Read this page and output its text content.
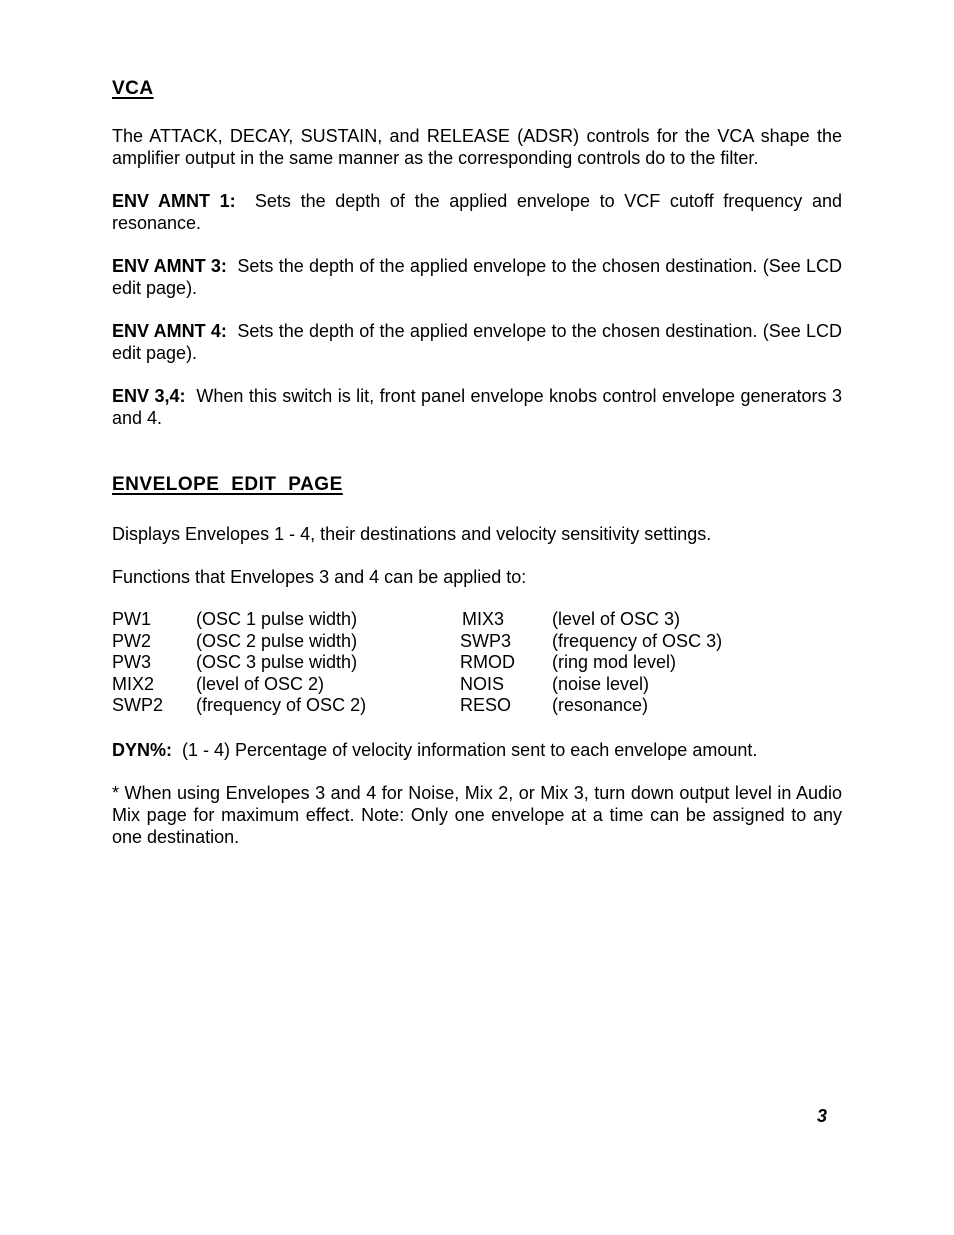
VCA

The ATTACK, DECAY, SUSTAIN, and RELEASE (ADSR) controls for the VCA shape the amplifier output in the same manner as the corresponding controls do to the filter.

ENV AMNT 1: Sets the depth of the applied envelope to VCF cutoff frequency and resonance.

ENV AMNT 3: Sets the depth of the applied envelope to the chosen destination. (See LCD edit page).

ENV AMNT 4: Sets the depth of the applied envelope to the chosen destination. (See LCD edit page).

ENV 3,4: When this switch is lit, front panel envelope knobs control envelope generators 3 and 4.

ENVELOPE EDIT PAGE

Displays Envelopes 1 - 4, their destinations and velocity sensitivity settings.

Functions that Envelopes 3 and 4 can be applied to:

PW1 (OSC 1 pulse width)	MIX3	(level of OSC 3)
PW2 (OSC 2 pulse width)	SWP3 (frequency of OSC 3)
PW3 (OSC 3 pulse width)	RMOD (ring mod level)
MIX2 (level of OSC 2)	NOIS	(noise level)
SWP2 (frequency of OSC 2)	RESO (resonance)

DYN%: (1 - 4) Percentage of velocity information sent to each envelope amount.

* When using Envelopes 3 and 4 for Noise, Mix 2, or Mix 3, turn down output level in Audio Mix page for maximum effect. Note: Only one envelope at a time can be assigned to any one destination.

3
